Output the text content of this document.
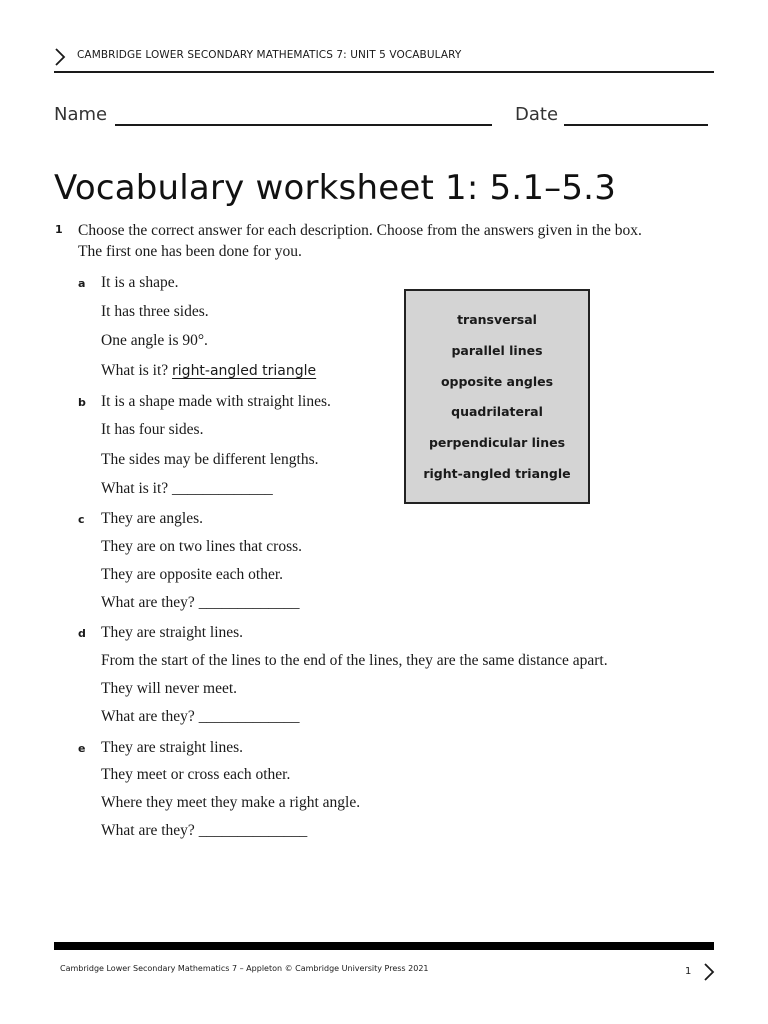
CAMBRIDGE LOWER SECONDARY MATHEMATICS 7: UNIT 5 VOCABULARY
Name	Date
Vocabulary worksheet 1: 5.1–5.3
1 Choose the correct answer for each description. Choose from the answers given in the box.
The first one has been done for you.
a It is a shape.
It has three sides.
One angle is 90°.
What is it? right-angled triangle
b It is a shape made with straight lines.
It has four sides.
The sides may be different lengths.
What is it? _____________
c They are angles.
They are on two lines that cross.
They are opposite each other.
What are they? _____________
d They are straight lines.
From the start of the lines to the end of the lines, they are the same distance apart.
They will never meet.
What are they? _____________
e They are straight lines.
They meet or cross each other.
Where they meet they make a right angle.
What are they? ______________
transversal
parallel lines
opposite angles
quadrilateral
perpendicular lines
right-angled triangle
Cambridge Lower Secondary Mathematics 7 – Appleton © Cambridge University Press 2021	1
